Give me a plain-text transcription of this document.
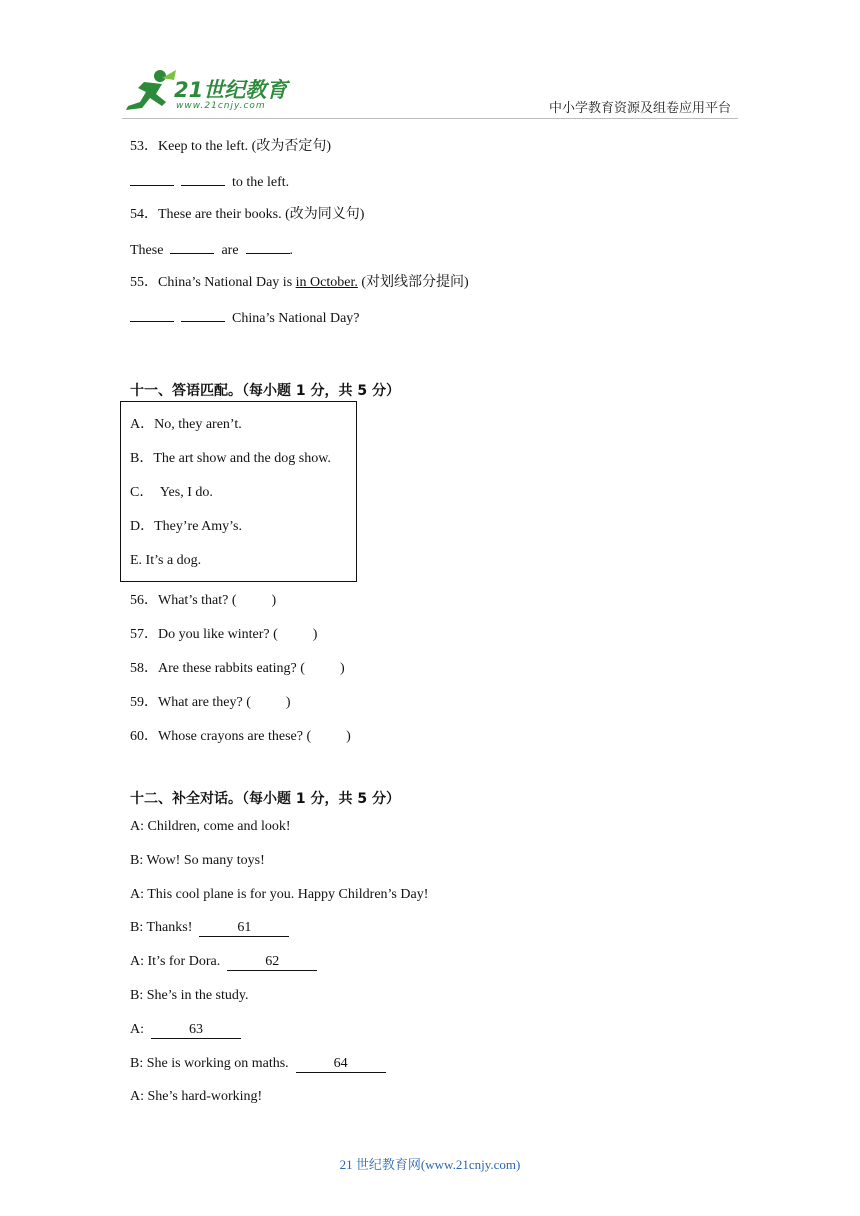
21世纪教育
www.21cnjy.com	中小学教育资源及组卷应用平台
53．Keep to the left. (改为否定句)
to the left.
54．These are their books. (改为同义句)
These	are	.
55．China’s National Day is in October. (对划线部分提问)
China’s National Day?
十一、答语匹配。（每小题 1 分，共 5 分）
A．No, they aren’t.
B．The art show and the dog show.
C．  Yes, I do.
D．They’re Amy’s.
E. It’s a dog.
56．What’s that? (          )
57．Do you like winter? (          )
58．Are these rabbits eating? (          )
59．What are they? (          )
60．Whose crayons are these? (          )
十二、补全对话。（每小题 1 分，共 5 分）
A: Children, come and look!
B: Wow! So many toys!
A: This cool plane is for you. Happy Children’s Day!
B: Thanks!	61
A: It’s for Dora.	62
B: She’s in the study.
A:	63
B: She is working on maths.	64
A: She’s hard-working!
21 世纪教育网(www.21cnjy.com)
